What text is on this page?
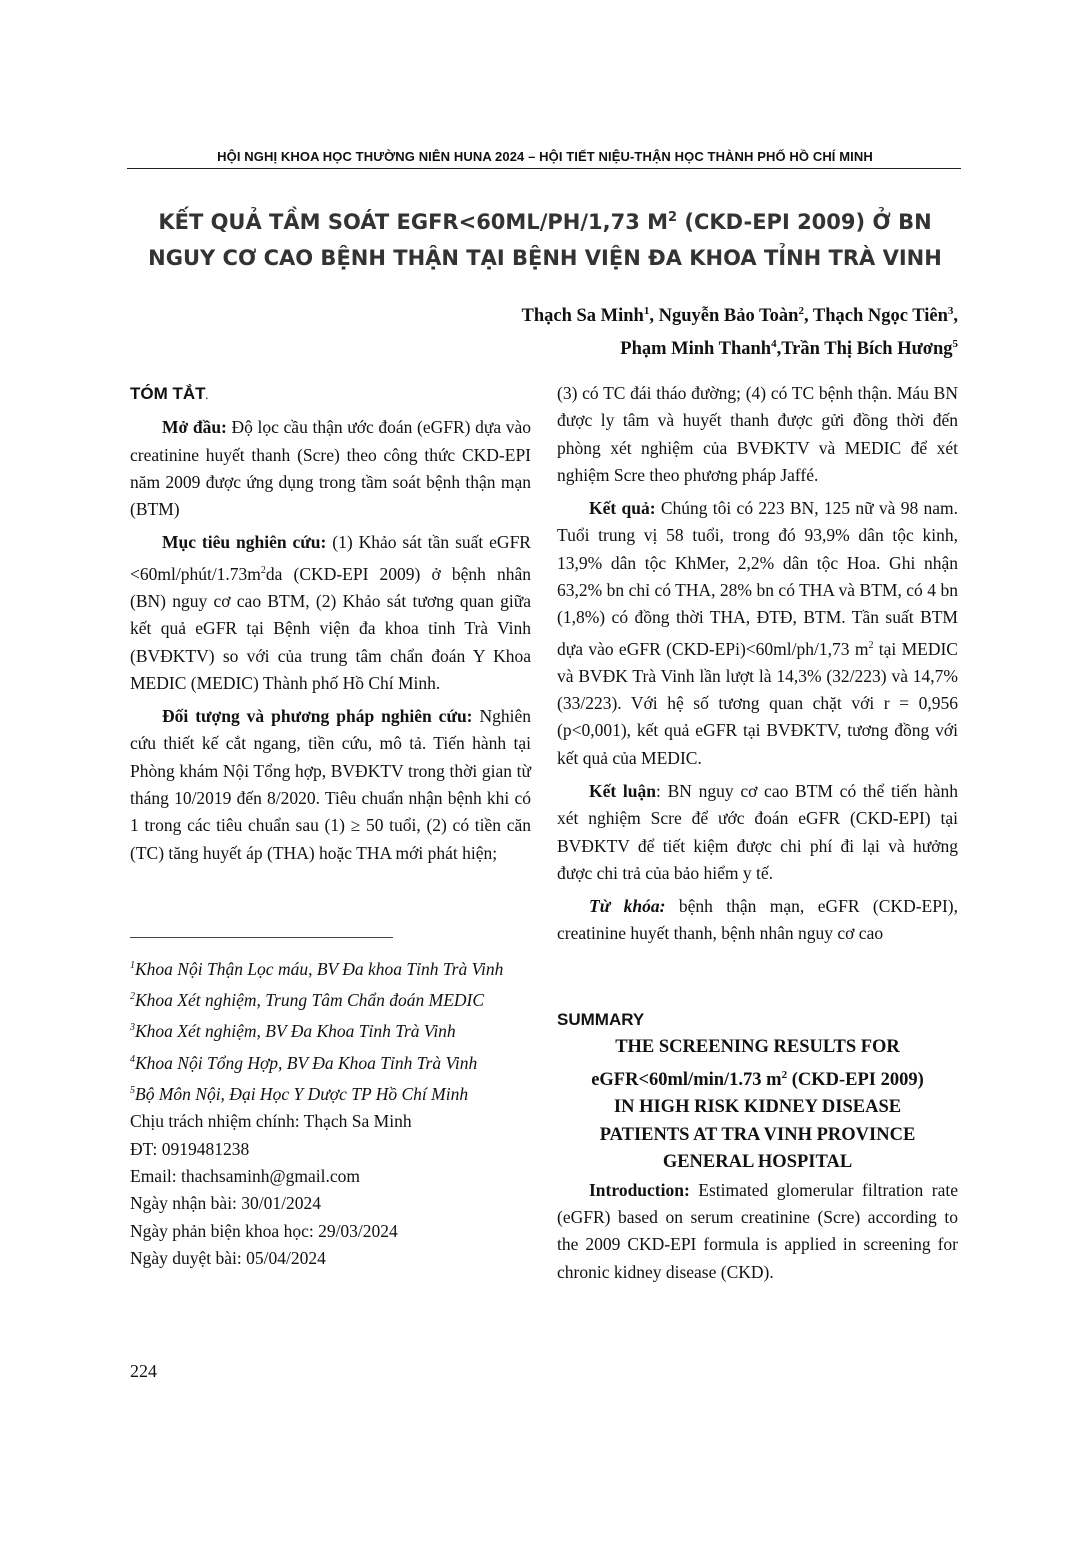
HỘI NGHỊ KHOA HỌC THƯỜNG NIÊN HUNA 2024 – HỘI TIẾT NIỆU-THẬN HỌC THÀNH PHỐ HỒ CHÍ MINH
KẾT QUẢ TẦM SOÁT EGFR<60ML/PH/1,73 $M^2$ (CKD-EPI 2009) Ở BN
NGUY CƠ CAO BỆNH THẬN TẠI BỆNH VIỆN ĐA KHOA TỈNH TRÀ VINH
Thạch Sa Minh$^1$, Nguyễn Bảo Toàn$^2$, Thạch Ngọc Tiên$^3$,
Phạm Minh Thanh$^4$,Trần Thị Bích Hương$^5$
TÓM TẮT.

Mở đầu: Độ lọc cầu thận ước đoán (eGFR) dựa vào creatinine huyết thanh (Scre) theo công thức CKD-EPI năm 2009 được ứng dụng trong tầm soát bệnh thận mạn (BTM)

Mục tiêu nghiên cứu: (1) Khảo sát tần suất eGFR $<60ml/phút/1.73m^2da$ (CKD-EPI 2009) ở bệnh nhân (BN) nguy cơ cao BTM, (2) Khảo sát tương quan giữa kết quả eGFR tại Bệnh viện đa khoa tỉnh Trà Vinh (BVĐKTV) so với của trung tâm chẩn đoán Y Khoa MEDIC (MEDIC) Thành phố Hồ Chí Minh.

Đối tượng và phương pháp nghiên cứu: Nghiên cứu thiết kế cắt ngang, tiền cứu, mô tả. Tiến hành tại Phòng khám Nội Tổng hợp, BVĐKTV trong thời gian từ tháng 10/2019 đến 8/2020. Tiêu chuẩn nhận bệnh khi có 1 trong các tiêu chuẩn sau (1) ≥ 50 tuổi, (2) có tiền căn (TC) tăng huyết áp (THA) hoặc THA mới phát hiện;

$^1$Khoa Nội Thận Lọc máu, BV Đa khoa Tỉnh Trà Vinh
$^2$Khoa Xét nghiệm, Trung Tâm Chẩn đoán MEDIC
$^3$Khoa Xét nghiệm, BV Đa Khoa Tỉnh Trà Vinh
$^4$Khoa Nội Tổng Hợp, BV Đa Khoa Tỉnh Trà Vinh
$^5$Bộ Môn Nội, Đại Học Y Dược TP Hồ Chí Minh
Chịu trách nhiệm chính: Thạch Sa Minh
ĐT: 0919481238
Email: thachsaminh@gmail.com
Ngày nhận bài: 30/01/2024
Ngày phản biện khoa học: 29/03/2024
Ngày duyệt bài: 05/04/2024

(3) có TC đái tháo đường; (4) có TC bệnh thận. Máu BN được ly tâm và huyết thanh được gửi đồng thời đến phòng xét nghiệm của BVĐKTV và MEDIC để xét nghiệm Scre theo phương pháp Jaffé.

Kết quả: Chúng tôi có 223 BN, 125 nữ và 98 nam. Tuổi trung vị 58 tuổi, trong đó 93,9% dân tộc kinh, 13,9% dân tộc KhMer, 2,2% dân tộc Hoa. Ghi nhận 63,2% bn chỉ có THA, 28% bn có THA và BTM, có 4 bn (1,8%) có đồng thời THA, ĐTĐ, BTM. Tần suất BTM dựa vào eGFR (CKD-EPi)<60ml/ph/1,73 $m^2$ tại MEDIC và BVĐK Trà Vinh lần lượt là 14,3% (32/223) và 14,7% (33/223). Với hệ số tương quan chặt với r = 0,956 (p<0,001), kết quả eGFR tại BVĐKTV, tương đồng với kết quả của MEDIC.

Kết luận: BN nguy cơ cao BTM có thể tiến hành xét nghiệm Scre để ước đoán eGFR (CKD-EPI) tại BVĐKTV để tiết kiệm được chi phí đi lại và hưởng được chi trả của bảo hiểm y tế.

Từ khóa: bệnh thận mạn, eGFR (CKD-EPI), creatinine huyết thanh, bệnh nhân nguy cơ cao

SUMMARY
THE SCREENING RESULTS FOR
eGFR<60ml/min/1.73 $m^2$ (CKD-EPI 2009)
IN HIGH RISK KIDNEY DISEASE
PATIENTS AT TRA VINH PROVINCE
GENERAL HOSPITAL
Introduction: Estimated glomerular filtration rate (eGFR) based on serum creatinine (Scre) according to the 2009 CKD-EPI formula is applied in screening for chronic kidney disease (CKD).
224
